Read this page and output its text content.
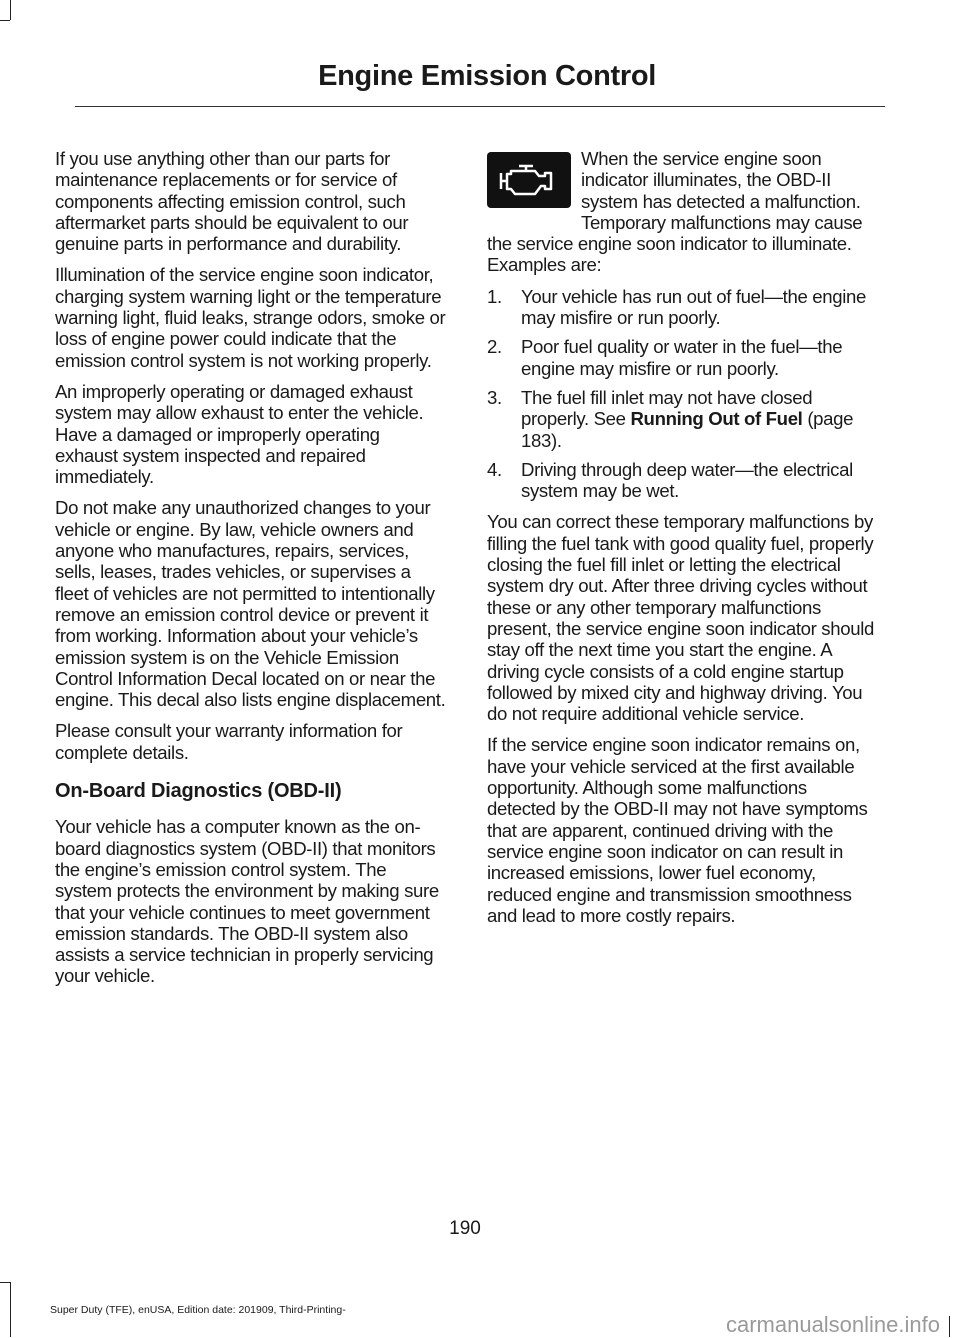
Engine Emission Control

If you use anything other than our parts for maintenance replacements or for service of components affecting emission control, such aftermarket parts should be equivalent to our genuine parts in performance and durability.

Illumination of the service engine soon indicator, charging system warning light or the temperature warning light, fluid leaks, strange odors, smoke or loss of engine power could indicate that the emission control system is not working properly.

An improperly operating or damaged exhaust system may allow exhaust to enter the vehicle. Have a damaged or improperly operating exhaust system inspected and repaired immediately.

Do not make any unauthorized changes to your vehicle or engine. By law, vehicle owners and anyone who manufactures, repairs, services, sells, leases, trades vehicles, or supervises a fleet of vehicles are not permitted to intentionally remove an emission control device or prevent it from working. Information about your vehicle’s emission system is on the Vehicle Emission Control Information Decal located on or near the engine. This decal also lists engine displacement.

Please consult your warranty information for complete details.

On-Board Diagnostics (OBD-II)

Your vehicle has a computer known as the on-board diagnostics system (OBD-II) that monitors the engine’s emission control system. The system protects the environment by making sure that your vehicle continues to meet government emission standards. The OBD-II system also assists a service technician in properly servicing your vehicle.

When the service engine soon indicator illuminates, the OBD-II system has detected a malfunction. Temporary malfunctions may cause the service engine soon indicator to illuminate. Examples are:

1.	Your vehicle has run out of fuel—the engine may misfire or run poorly.
2.	Poor fuel quality or water in the fuel—the engine may misfire or run poorly.
3.	The fuel fill inlet may not have closed properly. See Running Out of Fuel (page 183).
4.	Driving through deep water—the electrical system may be wet.

You can correct these temporary malfunctions by filling the fuel tank with good quality fuel, properly closing the fuel fill inlet or letting the electrical system dry out. After three driving cycles without these or any other temporary malfunctions present, the service engine soon indicator should stay off the next time you start the engine. A driving cycle consists of a cold engine startup followed by mixed city and highway driving. You do not require additional vehicle service.

If the service engine soon indicator remains on, have your vehicle serviced at the first available opportunity. Although some malfunctions detected by the OBD-II may not have symptoms that are apparent, continued driving with the service engine soon indicator on can result in increased emissions, lower fuel economy, reduced engine and transmission smoothness and lead to more costly repairs.

190
Super Duty (TFE), enUSA, Edition date: 201909, Third-Printing-
carmanualsonline.info
